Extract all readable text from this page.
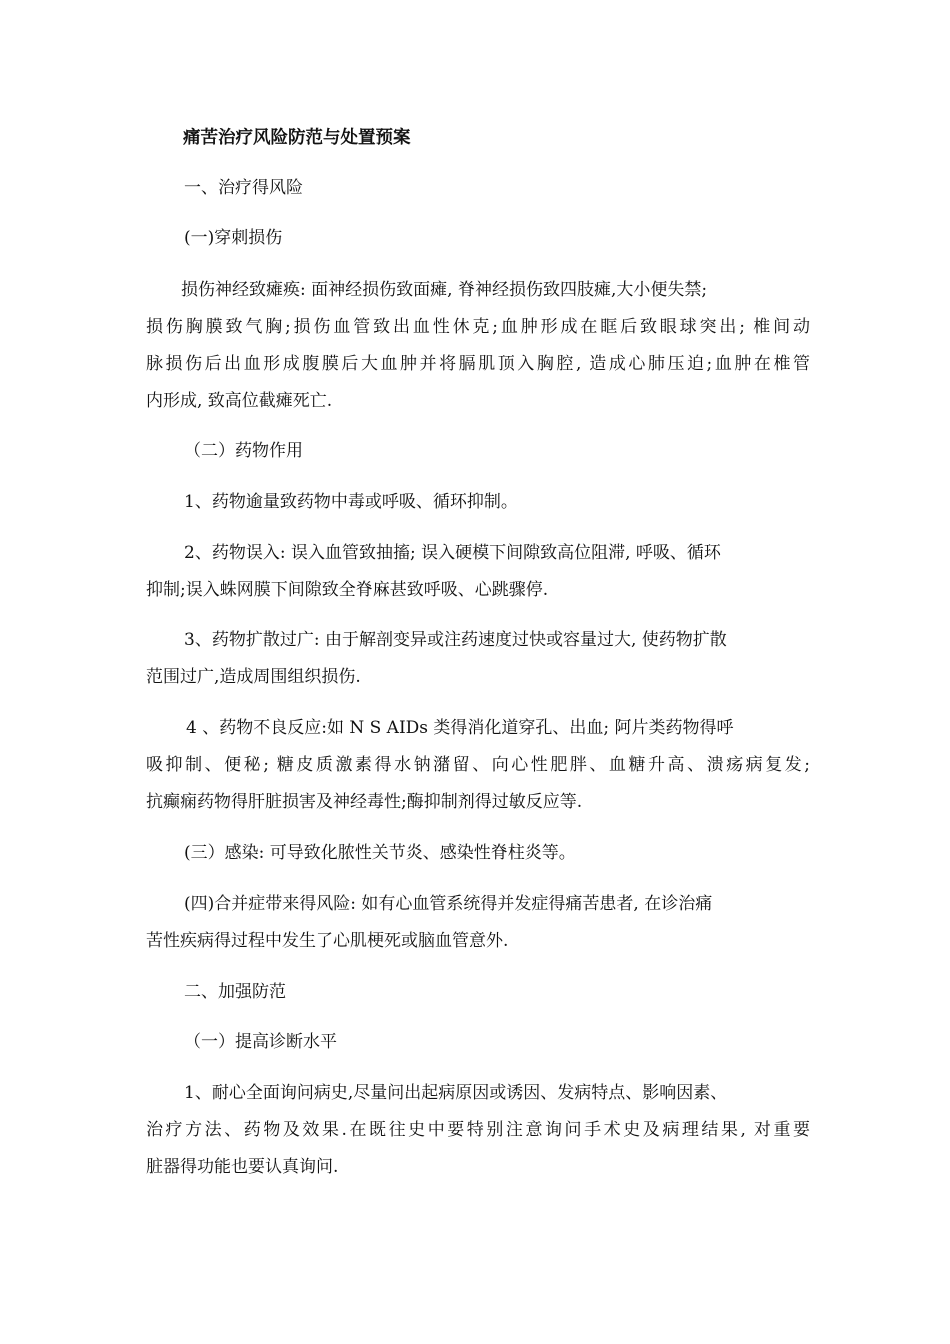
痛苦治疗风险防范与处置预案
一、治疗得风险
(一)穿刺损伤
损伤神经致瘫痪: 面神经损伤致面瘫, 脊神经损伤致四肢瘫,大小便失禁;
损伤胸膜致气胸;损伤血管致出血性休克;血肿形成在眶后致眼球突出; 椎间动
脉损伤后出血形成腹膜后大血肿并将膈肌顶入胸腔, 造成心肺压迫;血肿在椎管
内形成, 致高位截瘫死亡.
（二）药物作用
1、药物逾量致药物中毒或呼吸、循环抑制。
2、药物误入: 误入血管致抽搐; 误入硬模下间隙致高位阻滞, 呼吸、循环
抑制;误入蛛网膜下间隙致全脊麻甚致呼吸、心跳骤停.
3、药物扩散过广: 由于解剖变异或注药速度过快或容量过大, 使药物扩散
范围过广,造成周围组织损伤.
4 、药物不良反应:如 N S AIDs 类得消化道穿孔、出血; 阿片类药物得呼
吸抑制、便秘; 糖皮质激素得水钠潴留、向心性肥胖、血糖升高、溃疡病复发;
抗癫痫药物得肝脏损害及神经毒性;酶抑制剂得过敏反应等.
(三）感染: 可导致化脓性关节炎、感染性脊柱炎等。
(四)合并症带来得风险: 如有心血管系统得并发症得痛苦患者, 在诊治痛
苦性疾病得过程中发生了心肌梗死或脑血管意外.
二、加强防范
（一）提高诊断水平
1、耐心全面询问病史,尽量问出起病原因或诱因、发病特点、影响因素、
治疗方法、药物及效果.在既往史中要特别注意询问手术史及病理结果, 对重要
脏器得功能也要认真询问.
